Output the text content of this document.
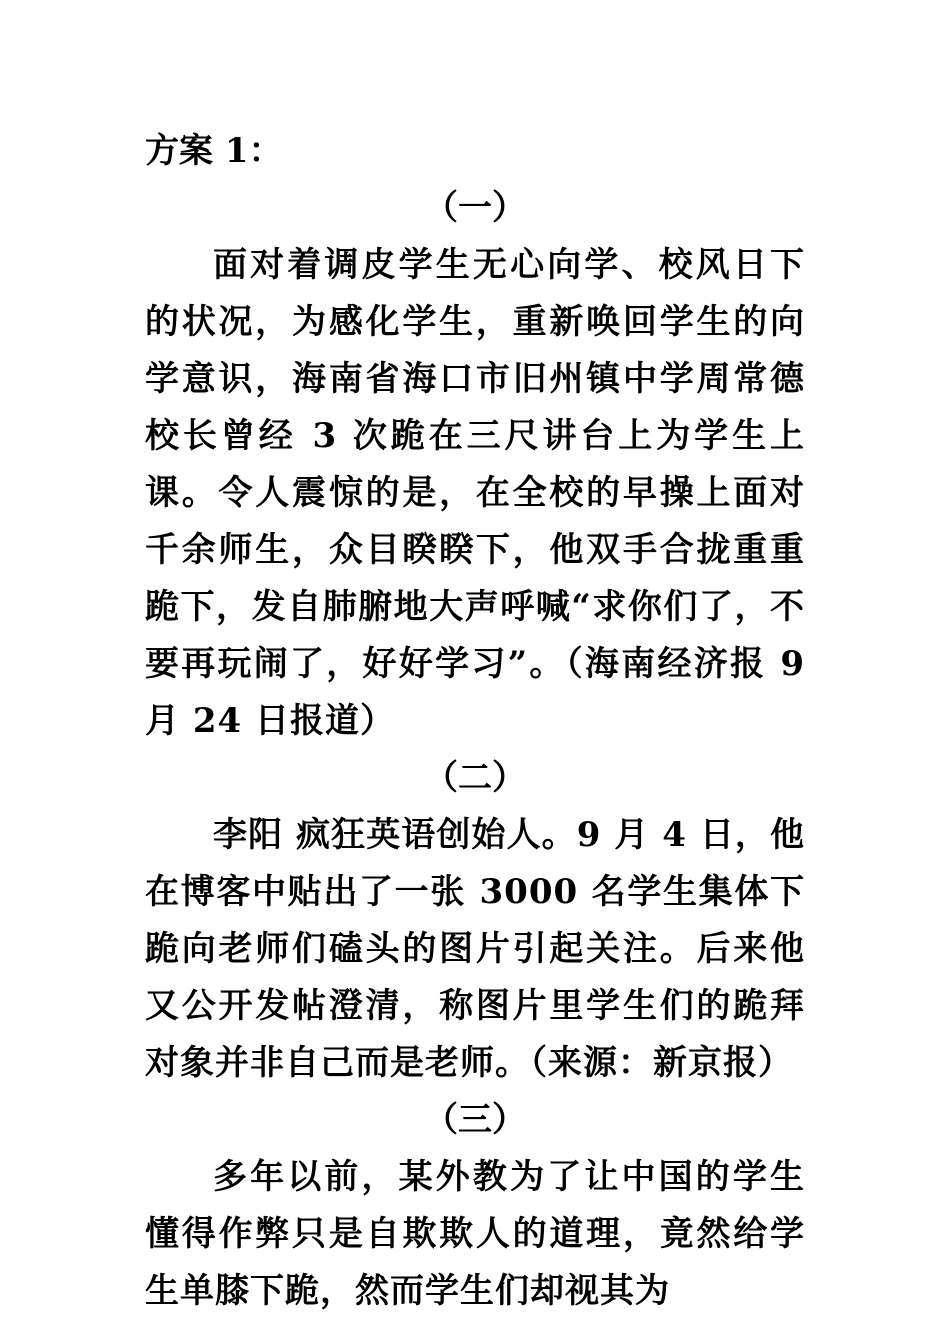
方案 1：

（一）

面对着调皮学生无心向学、校风日下的状况，为感化学生，重新唤回学生的向学意识，海南省海口市旧州镇中学周常德校长曾经 3 次跪在三尺讲台上为学生上课。令人震惊的是，在全校的早操上面对千余师生，众目睽睽下，他双手合拢重重跪下，发自肺腑地大声呼喊“求你们了，不要再玩闹了，好好学习”。（海南经济报 9 月 24 日报道）

（二）

李阳 疯狂英语创始人。9 月 4 日，他在博客中贴出了一张 3000 名学生集体下跪向老师们磕头的图片引起关注。后来他又公开发帖澄清，称图片里学生们的跪拜对象并非自己而是老师。（来源：新京报）

（三）

多年以前，某外教为了让中国的学生懂得作弊只是自欺欺人的道理，竟然给学生单膝下跪，然而学生们却视其为
